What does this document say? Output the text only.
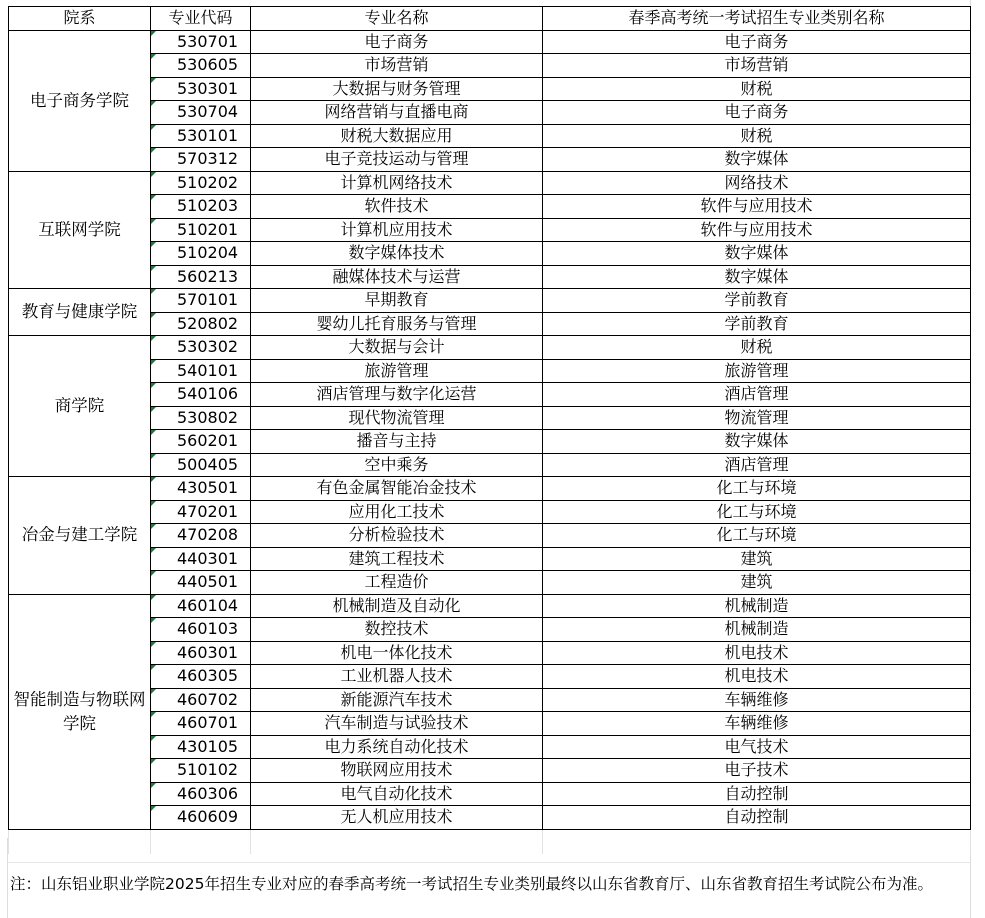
院系	专业代码	专业名称	春季高考统一考试招生专业类别名称
电子商务学院	530701	电子商务	电子商务
	530605	市场营销	市场营销
	530301	大数据与财务管理	财税
	530704	网络营销与直播电商	电子商务
	530101	财税大数据应用	财税
	570312	电子竞技运动与管理	数字媒体
互联网学院	510202	计算机网络技术	网络技术
	510203	软件技术	软件与应用技术
	510201	计算机应用技术	软件与应用技术
	510204	数字媒体技术	数字媒体
	560213	融媒体技术与运营	数字媒体
教育与健康学院	570101	早期教育	学前教育
	520802	婴幼儿托育服务与管理	学前教育
商学院	530302	大数据与会计	财税
	540101	旅游管理	旅游管理
	540106	酒店管理与数字化运营	酒店管理
	530802	现代物流管理	物流管理
	560201	播音与主持	数字媒体
	500405	空中乘务	酒店管理
冶金与建工学院	430501	有色金属智能冶金技术	化工与环境
	470201	应用化工技术	化工与环境
	470208	分析检验技术	化工与环境
	440301	建筑工程技术	建筑
	440501	工程造价	建筑
智能制造与物联网学院	460104	机械制造及自动化	机械制造
	460103	数控技术	机械制造
	460301	机电一体化技术	机电技术
	460305	工业机器人技术	机电技术
	460702	新能源汽车技术	车辆维修
	460701	汽车制造与试验技术	车辆维修
	430105	电力系统自动化技术	电气技术
	510102	物联网应用技术	电子技术
	460306	电气自动化技术	自动控制
	460609	无人机应用技术	自动控制

注：山东铝业职业学院2025年招生专业对应的春季高考统一考试招生专业类别最终以山东省教育厅、山东省教育招生考试院公布为准。
